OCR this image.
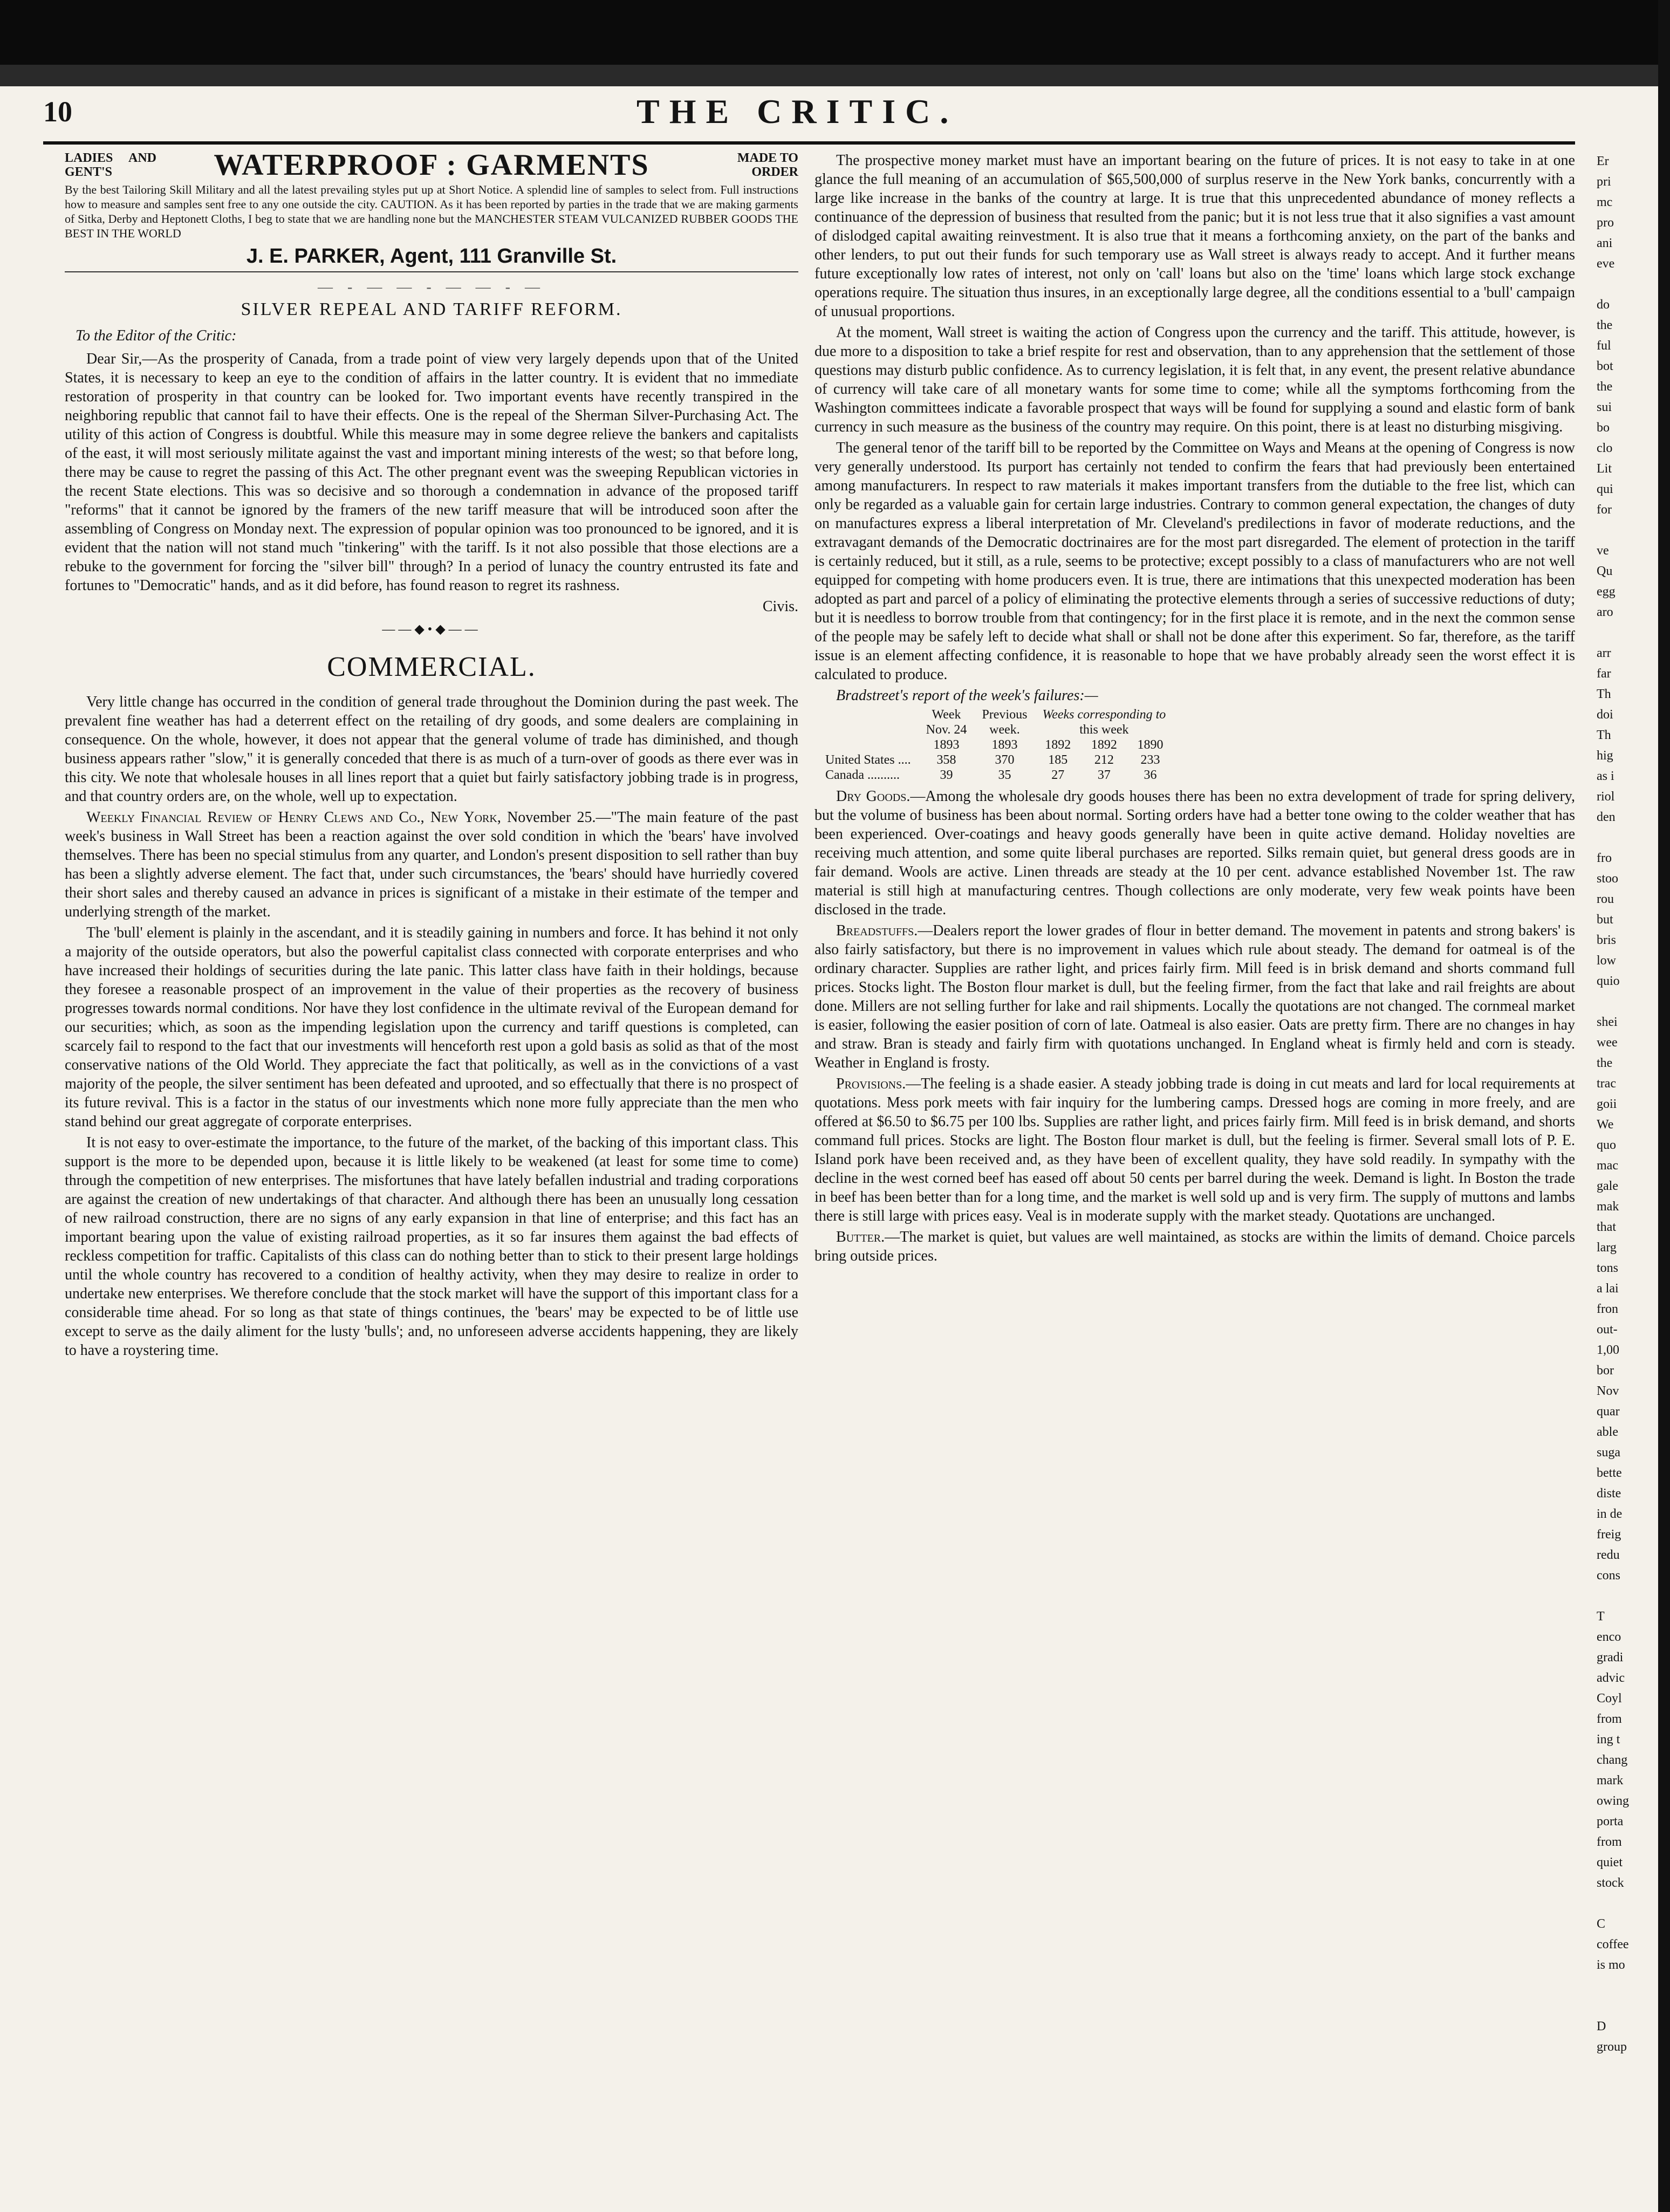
10	THE CRITIC.
LADIES AND GENT'S	WATERPROOF : GARMENTS	MADE TO ORDER
By the best Tailoring Skill Military and all the latest prevailing styles put up at Short Notice. A splendid line of samples to select from. Full instructions how to measure and samples sent free to any one outside the city. CAUTION. As it has been reported by parties in the trade that we are making garments of Sitka, Derby and Heptonett Cloths, I beg to state that we are handling none but the MANCHESTER STEAM VULCANIZED RUBBER GOODS THE BEST IN THE WORLD
J. E. PARKER, Agent, 111 Granville St.
— - — — - — — - —
SILVER REPEAL AND TARIFF REFORM.
To the Editor of the Critic:

Dear Sir,—As the prosperity of Canada, from a trade point of view very largely depends upon that of the United States, it is necessary to keep an eye to the condition of affairs in the latter country. It is evident that no immediate restoration of prosperity in that country can be looked for. Two important events have recently transpired in the neighboring republic that cannot fail to have their effects. One is the repeal of the Sherman Silver-Purchasing Act. The utility of this action of Congress is doubtful. While this measure may in some degree relieve the bankers and capitalists of the east, it will most seriously militate against the vast and important mining interests of the west; so that before long, there may be cause to regret the passing of this Act. The other pregnant event was the sweeping Republican victories in the recent State elections. This was so decisive and so thorough a condemnation in advance of the proposed tariff "reforms" that it cannot be ignored by the framers of the new tariff measure that will be introduced soon after the assembling of Congress on Monday next. The expression of popular opinion was too pronounced to be ignored, and it is evident that the nation will not stand much "tinkering" with the tariff. Is it not also possible that those elections are a rebuke to the government for forcing the "silver bill" through? In a period of lunacy the country entrusted its fate and fortunes to "Democratic" hands, and as it did before, has found reason to regret its rashness.

Civis.
——◆•◆——
COMMERCIAL.

Very little change has occurred in the condition of general trade throughout the Dominion during the past week. The prevalent fine weather has had a deterrent effect on the retailing of dry goods, and some dealers are complaining in consequence. On the whole, however, it does not appear that the general volume of trade has diminished, and though business appears rather "slow," it is generally conceded that there is as much of a turn-over of goods as there ever was in this city. We note that wholesale houses in all lines report that a quiet but fairly satisfactory jobbing trade is in progress, and that country orders are, on the whole, well up to expectation.

Weekly Financial Review of Henry Clews and Co., New York, November 25.—"The main feature of the past week's business in Wall Street has been a reaction against the over sold condition in which the 'bears' have involved themselves. There has been no special stimulus from any quarter, and London's present disposition to sell rather than buy has been a slightly adverse element. The fact that, under such circumstances, the 'bears' should have hurriedly covered their short sales and thereby caused an advance in prices is significant of a mistake in their estimate of the temper and underlying strength of the market.

The 'bull' element is plainly in the ascendant, and it is steadily gaining in numbers and force. It has behind it not only a majority of the outside operators, but also the powerful capitalist class connected with corporate enterprises and who have increased their holdings of securities during the late panic. This latter class have faith in their holdings, because they foresee a reasonable prospect of an improvement in the value of their properties as the recovery of business progresses towards normal conditions. Nor have they lost confidence in the ultimate revival of the European demand for our securities; which, as soon as the impending legislation upon the currency and tariff questions is completed, can scarcely fail to respond to the fact that our investments will henceforth rest upon a gold basis as solid as that of the most conservative nations of the Old World. They appreciate the fact that politically, as well as in the convictions of a vast majority of the people, the silver sentiment has been defeated and uprooted, and so effectually that there is no prospect of its future revival. This is a factor in the status of our investments which none more fully appreciate than the men who stand behind our great aggregate of corporate enterprises.

It is not easy to over-estimate the importance, to the future of the market, of the backing of this important class. This support is the more to be depended upon, because it is little likely to be weakened (at least for some time to come) through the competition of new enterprises. The misfortunes that have lately befallen industrial and trading corporations are against the creation of new undertakings of that character. And although there has been an unusually long cessation of new railroad construction, there are no signs of any early expansion in that line of enterprise; and this fact has an important bearing upon the value of existing railroad properties, as it so far insures them against the bad effects of reckless competition for traffic. Capitalists of this class can do nothing better than to stick to their present large holdings until the whole country has recovered to a condition of healthy activity, when they may desire to realize in order to undertake new enterprises. We therefore conclude that the stock market will have the support of this important class for a considerable time ahead. For so long as that state of things continues, the 'bears' may be expected to be of little use except to serve as the daily aliment for the lusty 'bulls'; and, no unforeseen adverse accidents happening, they are likely to have a roystering time.

The prospective money market must have an important bearing on the future of prices. It is not easy to take in at one glance the full meaning of an accumulation of $65,500,000 of surplus reserve in the New York banks, concurrently with a large like increase in the banks of the country at large. It is true that this unprecedented abundance of money reflects a continuance of the depression of business that resulted from the panic; but it is not less true that it also signifies a vast amount of dislodged capital awaiting reinvestment. It is also true that it means a forthcoming anxiety, on the part of the banks and other lenders, to put out their funds for such temporary use as Wall street is always ready to accept. And it further means future exceptionally low rates of interest, not only on 'call' loans but also on the 'time' loans which large stock exchange operations require. The situation thus insures, in an exceptionally large degree, all the conditions essential to a 'bull' campaign of unusual proportions.

At the moment, Wall street is waiting the action of Congress upon the currency and the tariff. This attitude, however, is due more to a disposition to take a brief respite for rest and observation, than to any apprehension that the settlement of those questions may disturb public confidence. As to currency legislation, it is felt that, in any event, the present relative abundance of currency will take care of all monetary wants for some time to come; while all the symptoms forthcoming from the Washington committees indicate a favorable prospect that ways will be found for supplying a sound and elastic form of bank currency in such measure as the business of the country may require. On this point, there is at least no disturbing misgiving.

The general tenor of the tariff bill to be reported by the Committee on Ways and Means at the opening of Congress is now very generally understood. Its purport has certainly not tended to confirm the fears that had previously been entertained among manufacturers. In respect to raw materials it makes important transfers from the dutiable to the free list, which can only be regarded as a valuable gain for certain large industries. Contrary to common general expectation, the changes of duty on manufactures express a liberal interpretation of Mr. Cleveland's predilections in favor of moderate reductions, and the extravagant demands of the Democratic doctrinaires are for the most part disregarded. The element of protection in the tariff is certainly reduced, but it still, as a rule, seems to be protective; except possibly to a class of manufacturers who are not well equipped for competing with home producers even. It is true, there are intimations that this unexpected moderation has been adopted as part and parcel of a policy of eliminating the protective elements through a series of successive reductions of duty; but it is needless to borrow trouble from that contingency; for in the first place it is remote, and in the next the common sense of the people may be safely left to decide what shall or shall not be done after this experiment. So far, therefore, as the tariff issue is an element affecting confidence, it is reasonable to hope that we have probably already seen the worst effect it is calculated to produce.

Bradstreet's report of the week's failures:—

	Week	Previous	Weeks corresponding to		
	Nov. 24	week.	this week		
	1893	1893	1892	1892	1890
United States ....	358	370	185	212	233
Canada ..........	39	35	27	37	36

Dry Goods.—Among the wholesale dry goods houses there has been no extra development of trade for spring delivery, but the volume of business has been about normal. Sorting orders have had a better tone owing to the colder weather that has been experienced. Over-coatings and heavy goods generally have been in quite active demand. Holiday novelties are receiving much attention, and some quite liberal purchases are reported. Silks remain quiet, but general dress goods are in fair demand. Wools are active. Linen threads are steady at the 10 per cent. advance established November 1st. The raw material is still high at manufacturing centres. Though collections are only moderate, very few weak points have been disclosed in the trade.

Breadstuffs.—Dealers report the lower grades of flour in better demand. The movement in patents and strong bakers' is also fairly satisfactory, but there is no improvement in values which rule about steady. The demand for oatmeal is of the ordinary character. Supplies are rather light, and prices fairly firm. Mill feed is in brisk demand and shorts command full prices. Stocks light. The Boston flour market is dull, but the feeling firmer, from the fact that lake and rail freights are about done. Millers are not selling further for lake and rail shipments. Locally the quotations are not changed. The cornmeal market is easier, following the easier position of corn of late. Oatmeal is also easier. Oats are pretty firm. There are no changes in hay and straw. Bran is steady and fairly firm with quotations unchanged. In England wheat is firmly held and corn is steady. Weather in England is frosty.

Provisions.—The feeling is a shade easier. A steady jobbing trade is doing in cut meats and lard for local requirements at quotations. Mess pork meets with fair inquiry for the lumbering camps. Dressed hogs are coming in more freely, and are offered at $6.50 to $6.75 per 100 lbs. Supplies are rather light, and prices fairly firm. Mill feed is in brisk demand, and shorts command full prices. Stocks are light. The Boston flour market is dull, but the feeling is firmer. Several small lots of P. E. Island pork have been received and, as they have been of excellent quality, they have sold readily. In sympathy with the decline in the west corned beef has eased off about 50 cents per barrel during the week. Demand is light. In Boston the trade in beef has been better than for a long time, and the market is well sold up and is very firm. The supply of muttons and lambs there is still large with prices easy. Veal is in moderate supply with the market steady. Quotations are unchanged.

Butter.—The market is quiet, but values are well maintained, as stocks are within the limits of demand. Choice parcels bring outside prices.

Er
pri
mc
pro
ani
eve

do
the
ful
bot
the
sui
bo
clo
Lit
qui
for

ve
Qu
egg
aro

arr
far
Th
doi
Th
hig
as i
riol
den

fro
stoo
rou
but
bris
low
quio

shei
wee
the
trac
goii
We
quo
mac
gale
mak
that
larg
tons
a lai
fron
out-
1,00
bor
Nov
quar
able
suga
bette
diste
in de
freig
redu
cons

T
enco
gradi
advic
Coyl
from
ing t
chang
mark
owing
porta
from
quiet
stock

C
coffee
is mo

D
group
